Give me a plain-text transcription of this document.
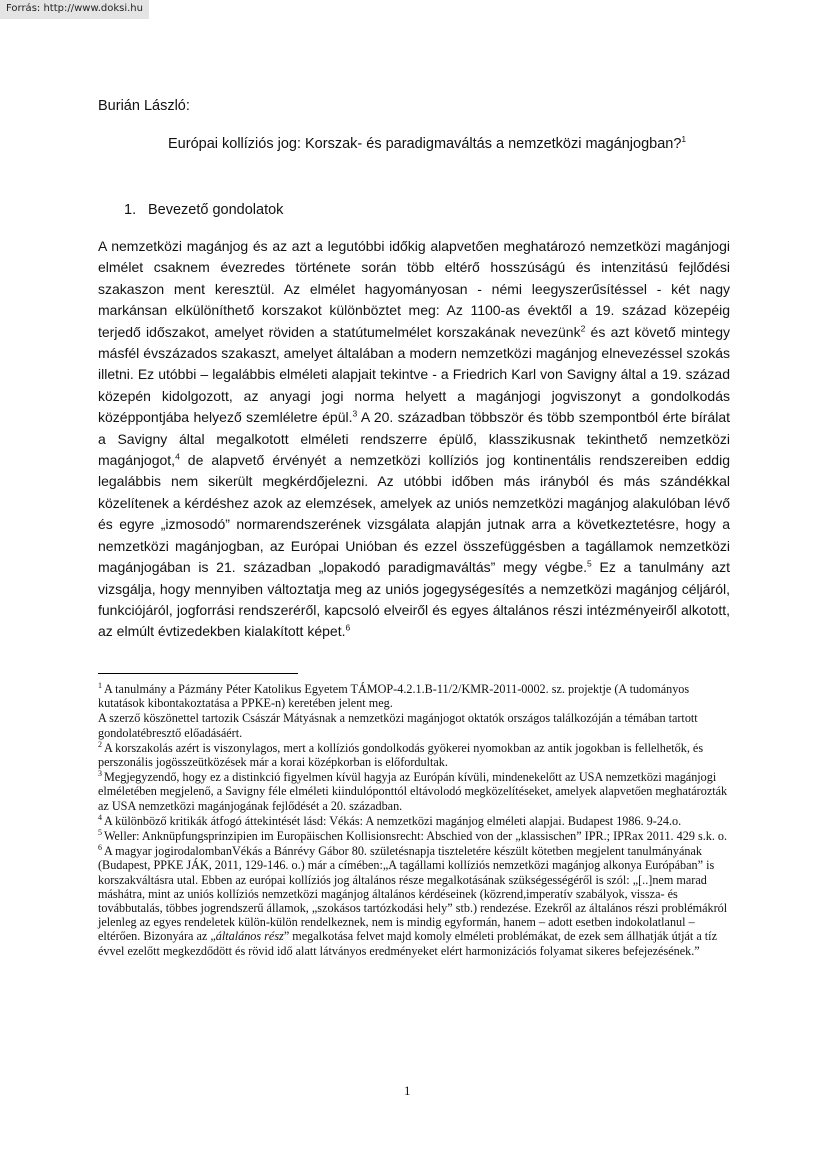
Forrás: http://www.doksi.hu

Burián László:

Európai kollíziós jog: Korszak- és paradigmaváltás a nemzetközi magánjogban?$^1$

1. Bevezető gondolatok

A nemzetközi magánjog és az azt a legutóbbi időkig alapvetően meghatározó nemzetközi magánjogi elmélet csaknem évezredes története során több eltérő hosszúságú és intenzitású fejlődési szakaszon ment keresztül. Az elmélet hagyományosan - némi leegyszerűsítéssel - két nagy markánsan elkülöníthető korszakot különböztet meg: Az 1100-as évektől a 19. század közepéig terjedő időszakot, amelyet röviden a statútumelmélet korszakának nevezünk$^2$ és azt követő mintegy másfél évszázados szakaszt, amelyet általában a modern nemzetközi magánjog elnevezéssel szokás illetni. Ez utóbbi – legalábbis elméleti alapjait tekintve - a Friedrich Karl von Savigny által a 19. század közepén kidolgozott, az anyagi jogi norma helyett a magánjogi jogviszonyt a gondolkodás középpontjába helyező szemléletre épül.$^3$ A 20. században többször és több szempontból érte bírálat a Savigny által megalkotott elméleti rendszerre épülő, klasszikusnak tekinthető nemzetközi magánjogot,$^4$ de alapvető érvényét a nemzetközi kollíziós jog kontinentális rendszereiben eddig legalábbis nem sikerült megkérdőjelezni. Az utóbbi időben más irányból és más szándékkal közelítenek a kérdéshez azok az elemzések, amelyek az uniós nemzetközi magánjog alakulóban lévő és egyre „izmosodó” normarendszerének vizsgálata alapján jutnak arra a következtetésre, hogy a nemzetközi magánjogban, az Európai Unióban és ezzel összefüggésben a tagállamok nemzetközi magánjogában is 21. században „lopakodó paradigmaváltás” megy végbe.$^5$ Ez a tanulmány azt vizsgálja, hogy mennyiben változtatja meg az uniós jogegységesítés a nemzetközi magánjog céljáról, funkciójáról, jogforrási rendszeréről, kapcsoló elveiről és egyes általános részi intézményeiről alkotott, az elmúlt évtizedekben kialakított képet.$^6$

$^1$ A tanulmány a Pázmány Péter Katolikus Egyetem TÁMOP-4.2.1.B-11/2/KMR-2011-0002. sz. projektje (A tudományos kutatások kibontakoztatása a PPKE-n) keretében jelent meg.

A szerző köszönettel tartozik Császár Mátyásnak a nemzetközi magánjogot oktatók országos találkozóján a témában tartott gondolatébresztő előadásáért.

$^2$ A korszakolás azért is viszonylagos, mert a kollíziós gondolkodás gyökerei nyomokban az antik jogokban is fellelhetők, és perszonális jogösszeütközések már a korai középkorban is előfordultak.

$^3$ Megjegyzendő, hogy ez a distinkció figyelmen kívül hagyja az Európán kívüli, mindenekelőtt az USA nemzetközi magánjogi elméletében megjelenő, a Savigny féle elméleti kiindulóponttól eltávolodó megközelítéseket, amelyek alapvetően meghatározták az USA nemzetközi magánjogának fejlődését a 20. században.

$^4$ A különböző kritikák átfogó áttekintését lásd: Vékás: A nemzetközi magánjog elméleti alapjai. Budapest 1986. 9-24.o.

$^5$ Weller: Anknüpfungsprinzipien im Europäischen Kollisionsrecht: Abschied von der „klassischen” IPR.; IPRax 2011. 429 s.k. o.

$^6$ A magyar jogirodalombanVékás a Bánrévy Gábor 80. születésnapja tiszteletére készült kötetben megjelent tanulmányának (Budapest, PPKE JÁK, 2011, 129-146. o.) már a címében:„A tagállami kollíziós nemzetközi magánjog alkonya Európában” is korszakváltásra utal. Ebben az európai kollíziós jog általános része megalkotásának szükségességéről is szól: „[..]nem marad máshátra, mint az uniós kollíziós nemzetközi magánjog általános kérdéseinek (közrend,imperatív szabályok, vissza- és továbbutalás, többes jogrendszerű államok, „szokásos tartózkodási hely” stb.) rendezése. Ezekről az általános részi problémákról jelenleg az egyes rendeletek külön-külön rendelkeznek, nem is mindig egyformán, hanem – adott esetben indokolatlanul – eltérően. Bizonyára az „általános rész” megalkotása felvet majd komoly elméleti problémákat, de ezek sem állhatják útját a tíz évvel ezelőtt megkezdődött és rövid idő alatt látványos eredményeket elért harmonizációs folyamat sikeres befejezésének.”

1
